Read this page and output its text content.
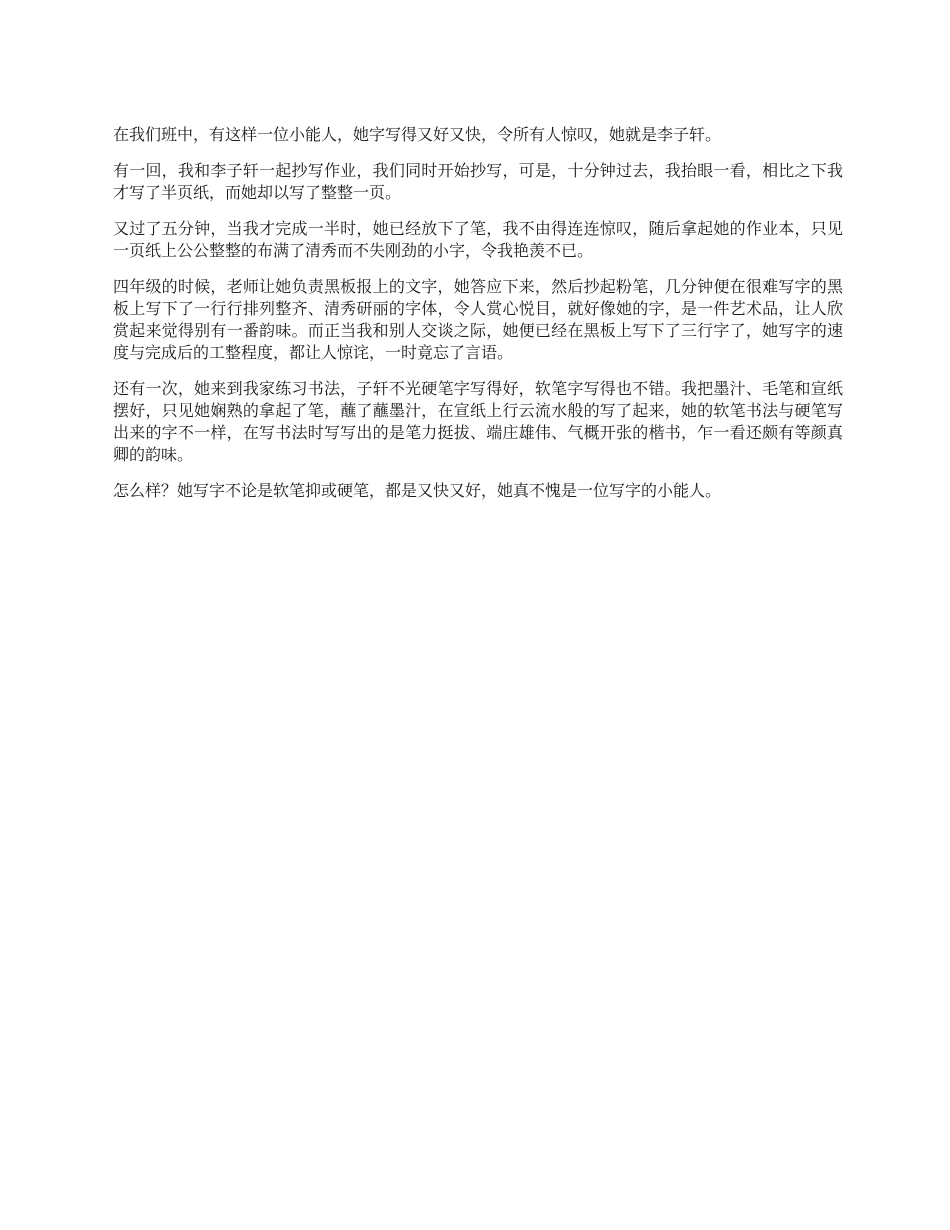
在我们班中，有这样一位小能人，她字写得又好又快，令所有人惊叹，她就是李子轩。

有一回，我和李子轩一起抄写作业，我们同时开始抄写，可是，十分钟过去，我抬眼一看，相比之下我才写了半页纸，而她却以写了整整一页。

又过了五分钟，当我才完成一半时，她已经放下了笔，我不由得连连惊叹，随后拿起她的作业本，只见一页纸上公公整整的布满了清秀而不失刚劲的小字，令我艳羡不已。

四年级的时候，老师让她负责黑板报上的文字，她答应下来，然后抄起粉笔，几分钟便在很难写字的黑板上写下了一行行排列整齐、清秀研丽的字体，令人赏心悦目，就好像她的字，是一件艺术品，让人欣赏起来觉得别有一番韵味。而正当我和别人交谈之际，她便已经在黑板上写下了三行字了，她写字的速度与完成后的工整程度，都让人惊诧，一时竟忘了言语。

还有一次，她来到我家练习书法，子轩不光硬笔字写得好，软笔字写得也不错。我把墨汁、毛笔和宣纸摆好，只见她娴熟的拿起了笔，蘸了蘸墨汁，在宣纸上行云流水般的写了起来，她的软笔书法与硬笔写出来的字不一样，在写书法时写写出的是笔力挺拔、端庄雄伟、气概开张的楷书，乍一看还颇有等颜真卿的韵味。

怎么样？她写字不论是软笔抑或硬笔，都是又快又好，她真不愧是一位写字的小能人。
